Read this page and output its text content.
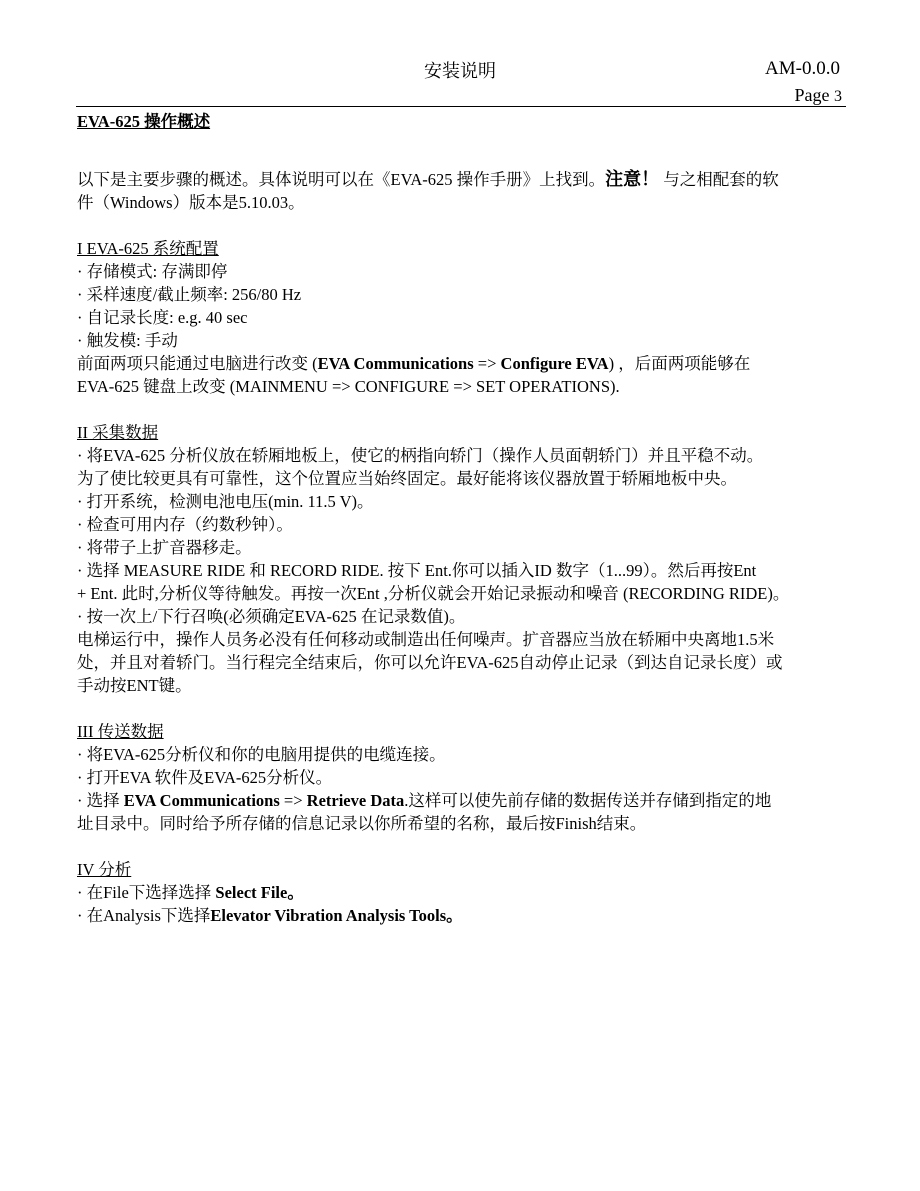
安装说明	AM-0.0.0
Page 3
EVA-625 操作概述
以下是主要步骤的概述。具体说明可以在《EVA-625 操作手册》上找到。注意！ 与之相配套的软
件（Windows）版本是5.10.03。
I EVA-625 系统配置
· 存储模式: 存满即停
· 采样速度/截止频率: 256/80 Hz
· 自记录长度: e.g. 40 sec
· 触发模: 手动
前面两项只能通过电脑进行改变 (EVA Communications => Configure EVA) ，后面两项能够在
EVA-625 键盘上改变 (MAINMENU => CONFIGURE => SET OPERATIONS).
II 采集数据
· 将EVA-625 分析仪放在轿厢地板上，使它的柄指向轿门（操作人员面朝轿门）并且平稳不动。
为了使比较更具有可靠性，这个位置应当始终固定。最好能将该仪器放置于轿厢地板中央。
· 打开系统，检测电池电压(min. 11.5 V)。
· 检查可用内存（约数秒钟）。
· 将带子上扩音器移走。
· 选择 MEASURE RIDE 和 RECORD RIDE. 按下 Ent.你可以插入ID 数字（1...99）。然后再按Ent
+ Ent. 此时,分析仪等待触发。再按一次Ent ,分析仪就会开始记录振动和噪音 (RECORDING RIDE)。
· 按一次上/下行召唤(必须确定EVA-625 在记录数值)。
电梯运行中，操作人员务必没有任何移动或制造出任何噪声。扩音器应当放在轿厢中央离地1.5米
处，并且对着轿门。当行程完全结束后，你可以允许EVA-625自动停止记录（到达自记录长度）或
手动按ENT键。
III 传送数据
· 将EVA-625分析仪和你的电脑用提供的电缆连接。
· 打开EVA 软件及EVA-625分析仪。
· 选择 EVA Communications => Retrieve Data.这样可以使先前存储的数据传送并存储到指定的地
址目录中。同时给予所存储的信息记录以你所希望的名称，最后按Finish结束。
IV 分析
· 在File下选择选择 Select File。
· 在Analysis下选择Elevator Vibration Analysis Tools。
